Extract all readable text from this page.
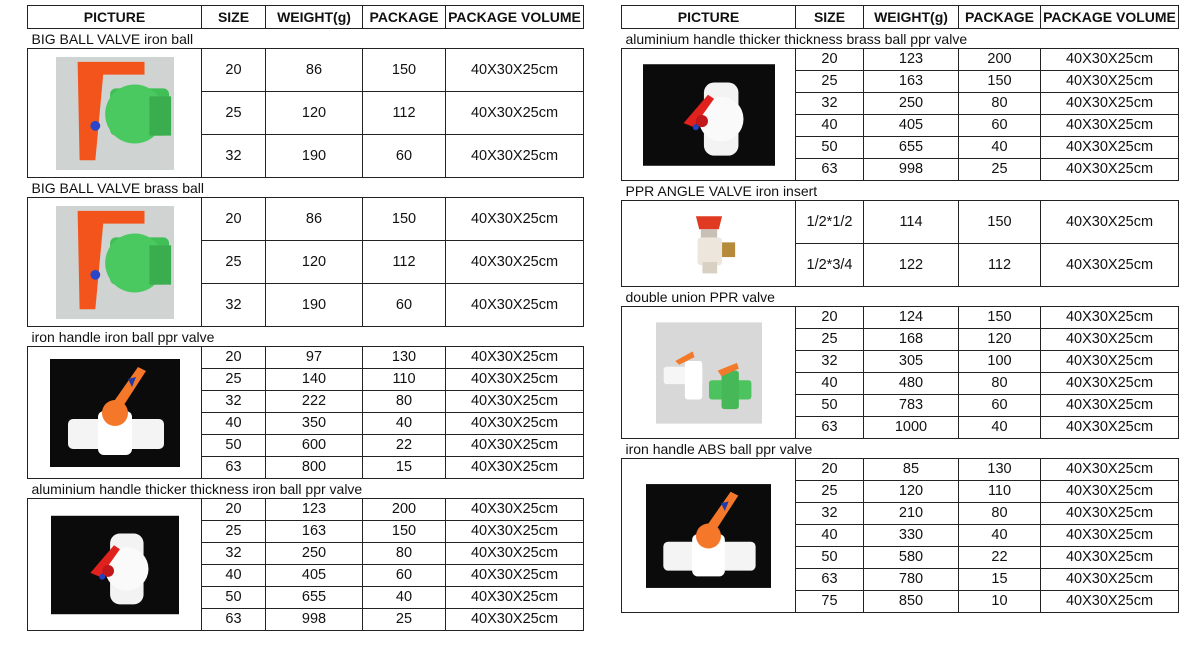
PICTURE	SIZE	WEIGHT(g)	PACKAGE	PACKAGE VOLUME
BIG BALL VALVE iron ball				

	20	86	150	40X30X25cm
	25	120	112	40X30X25cm
	32	190	60	40X30X25cm
BIG BALL VALVE brass ball				

	20	86	150	40X30X25cm
	25	120	112	40X30X25cm
	32	190	60	40X30X25cm
iron handle iron ball ppr valve				

	20	97	130	40X30X25cm
	25	140	110	40X30X25cm
	32	222	80	40X30X25cm
	40	350	40	40X30X25cm
	50	600	22	40X30X25cm
	63	800	15	40X30X25cm
aluminium handle thicker thickness iron ball ppr valve				

	20	123	200	40X30X25cm
	25	163	150	40X30X25cm
	32	250	80	40X30X25cm
	40	405	60	40X30X25cm
	50	655	40	40X30X25cm
	63	998	25	40X30X25cm
PICTURE	SIZE	WEIGHT(g)	PACKAGE	PACKAGE VOLUME
aluminium handle thicker thickness brass ball ppr valve				

	20	123	200	40X30X25cm
	25	163	150	40X30X25cm
	32	250	80	40X30X25cm
	40	405	60	40X30X25cm
	50	655	40	40X30X25cm
	63	998	25	40X30X25cm
PPR ANGLE VALVE iron insert				

	1/2*1/2	114	150	40X30X25cm
	1/2*3/4	122	112	40X30X25cm
double union PPR valve				

	20	124	150	40X30X25cm
	25	168	120	40X30X25cm
	32	305	100	40X30X25cm
	40	480	80	40X30X25cm
	50	783	60	40X30X25cm
	63	1000	40	40X30X25cm
iron handle ABS ball ppr valve				

	20	85	130	40X30X25cm
	25	120	110	40X30X25cm
	32	210	80	40X30X25cm
	40	330	40	40X30X25cm
	50	580	22	40X30X25cm
	63	780	15	40X30X25cm
	75	850	10	40X30X25cm
